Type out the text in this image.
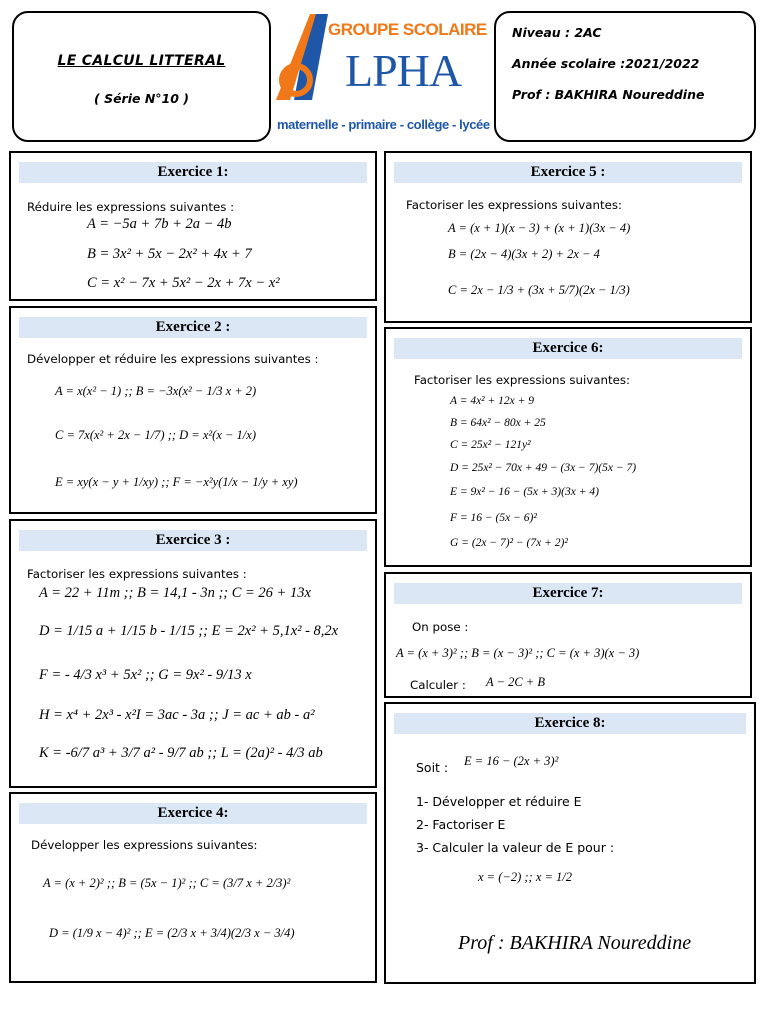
LE CALCUL LITTERAL
( Série N°10 )
GROUPE SCOLAIRE
LPHA
maternelle - primaire - collège - lycée
Niveau : 2AC
Année scolaire :2021/2022
Prof : BAKHIRA Noureddine
Exercice 1:
Réduire les expressions suivantes :
A = −5a + 7b + 2a − 4b
B = 3x² + 5x − 2x² + 4x + 7
C = x² − 7x + 5x² − 2x + 7x − x²
Exercice 2 :
Développer et réduire les expressions suivantes :
A = x(x² − 1) ;; B = −3x(x² − 1/3 x + 2)
C = 7x(x² + 2x − 1/7) ;; D = x²(x − 1/x)
E = xy(x − y + 1/xy) ;; F = −x²y(1/x − 1/y + xy)
Exercice 3 :
Factoriser les expressions suivantes :
A = 22 + 11m ;; B = 14,1 - 3n ;; C = 26 + 13x
D = 1/15 a + 1/15 b - 1/15 ;; E = 2x² + 5,1x² - 8,2x
F = - 4/3 x³ + 5x² ;; G = 9x² - 9/13 x
H = x⁴ + 2x³ - x²I = 3ac - 3a ;; J = ac + ab - a²
K = -6/7 a³ + 3/7 a² - 9/7 ab ;; L = (2a)² - 4/3 ab
Exercice 4:
Développer les expressions suivantes:
A = (x + 2)² ;; B = (5x − 1)² ;; C = (3/7 x + 2/3)²
D = (1/9 x − 4)² ;; E = (2/3 x + 3/4)(2/3 x − 3/4)
Exercice 5 :
Factoriser les expressions suivantes:
A = (x + 1)(x − 3) + (x + 1)(3x − 4)
B = (2x − 4)(3x + 2) + 2x − 4
C = 2x − 1/3 + (3x + 5/7)(2x − 1/3)
Exercice 6:
Factoriser les expressions suivantes:
A = 4x² + 12x + 9
B = 64x² − 80x + 25
C = 25x² − 121y²
D = 25x² − 70x + 49 − (3x − 7)(5x − 7)
E = 9x² − 16 − (5x + 3)(3x + 4)
F = 16 − (5x − 6)²
G = (2x − 7)² − (7x + 2)²
Exercice 7:
On pose :
A = (x + 3)² ;; B = (x − 3)² ;; C = (x + 3)(x − 3)
Calculer : A − 2C + B
Exercice 8:
Soit : E = 16 − (2x + 3)²
1- Développer et réduire E
2- Factoriser E
3- Calculer la valeur de E pour :
x = (−2) ;; x = 1/2
Prof : BAKHIRA Noureddine
